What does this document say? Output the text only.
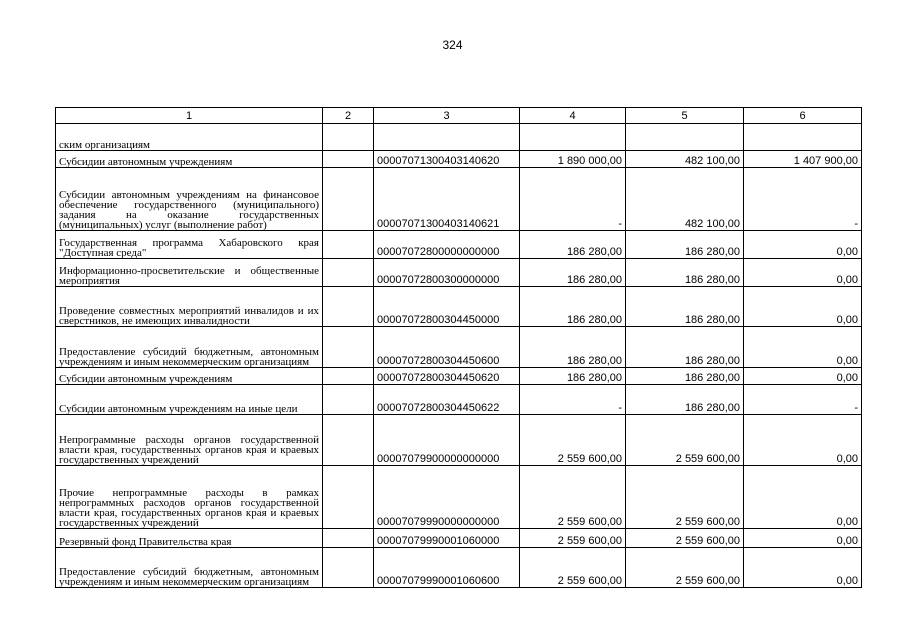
324
1	2	3	4	5	6
ским организациям					
Субсидии автономным учреждениям		00007071300403140620	1 890 000,00	482 100,00	1 407 900,00
Субсидии автономным учреждениям на финансовое обеспечение государственного (муниципального) задания на оказание государственных (муниципальных) услуг (выполнение работ)		00007071300403140621	-	482 100,00	-
Государственная программа Хабаровского края "Доступная среда"		00007072800000000000	186 280,00	186 280,00	0,00
Информационно-просветительские и общественные мероприятия		00007072800300000000	186 280,00	186 280,00	0,00
Проведение совместных мероприятий инвалидов и их сверстников, не имеющих инвалидности		00007072800304450000	186 280,00	186 280,00	0,00
Предоставление субсидий бюджетным, автономным учреждениям и иным некоммерческим организациям		00007072800304450600	186 280,00	186 280,00	0,00
Субсидии автономным учреждениям		00007072800304450620	186 280,00	186 280,00	0,00
Субсидии автономным учреждениям на иные цели		00007072800304450622	-	186 280,00	-
Непрограммные расходы органов государственной власти края, государственных органов края и краевых государственных учреждений		00007079900000000000	2 559 600,00	2 559 600,00	0,00
Прочие непрограммные расходы в рамках непрограммных расходов органов государственной власти края, государственных органов края и краевых государственных учреждений		00007079990000000000	2 559 600,00	2 559 600,00	0,00
Резервный фонд Правительства края		00007079990001060000	2 559 600,00	2 559 600,00	0,00
Предоставление субсидий бюджетным, автономным учреждениям и иным некоммерческим организациям		00007079990001060600	2 559 600,00	2 559 600,00	0,00
